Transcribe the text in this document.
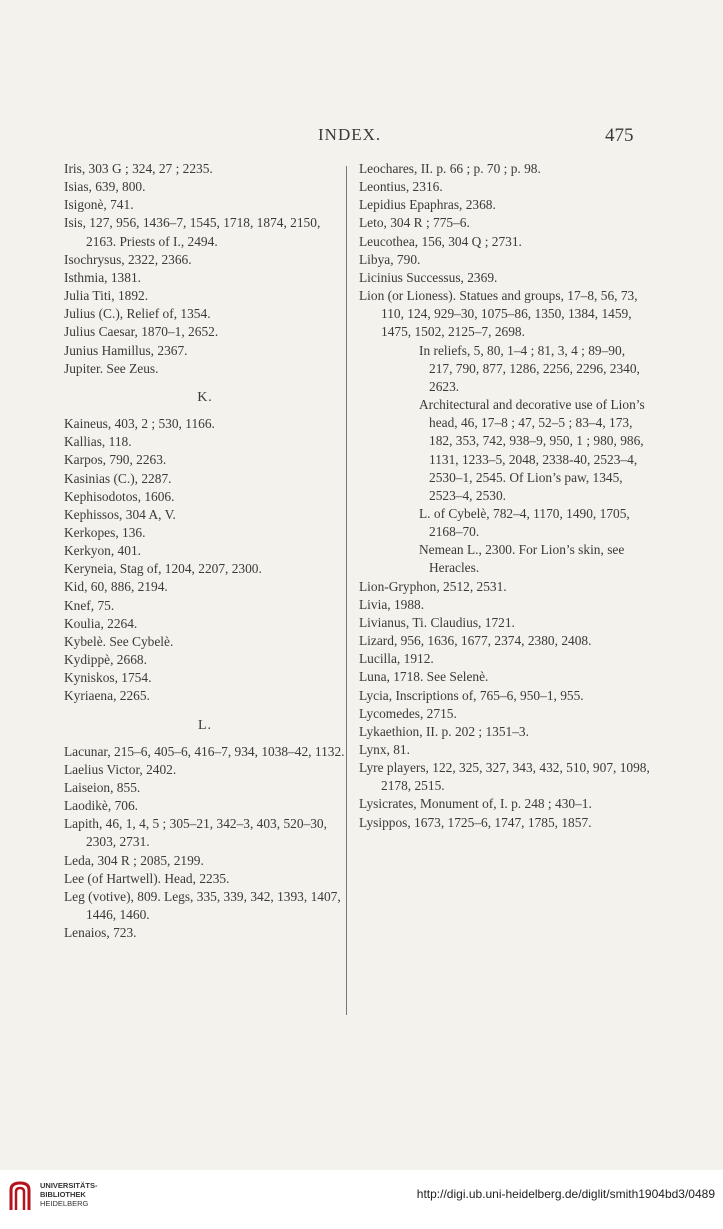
INDEX.	475

Iris, 303 G ; 324, 27 ; 2235.

Isias, 639, 800.

Isigonè, 741.

Isis, 127, 956, 1436–7, 1545, 1718, 1874, 2150, 2163. Priests of I., 2494.

Isochrysus, 2322, 2366.

Isthmia, 1381.

Julia Titi, 1892.

Julius (C.), Relief of, 1354.

Julius Caesar, 1870–1, 2652.

Junius Hamillus, 2367.

Jupiter. See Zeus.

K.

Kaineus, 403, 2 ; 530, 1166.

Kallias, 118.

Karpos, 790, 2263.

Kasinias (C.), 2287.

Kephisodotos, 1606.

Kephissos, 304 A, V.

Kerkopes, 136.

Kerkyon, 401.

Keryneia, Stag of, 1204, 2207, 2300.

Kid, 60, 886, 2194.

Knef, 75.

Koulia, 2264.

Kybelè. See Cybelè.

Kydippè, 2668.

Kyniskos, 1754.

Kyriaena, 2265.

L.

Lacunar, 215–6, 405–6, 416–7, 934, 1038–42, 1132.

Laelius Victor, 2402.

Laiseion, 855.

Laodikè, 706.

Lapith, 46, 1, 4, 5 ; 305–21, 342–3, 403, 520–30, 2303, 2731.

Leda, 304 R ; 2085, 2199.

Lee (of Hartwell). Head, 2235.

Leg (votive), 809. Legs, 335, 339, 342, 1393, 1407, 1446, 1460.

Lenaios, 723.

Leochares, II. p. 66 ; p. 70 ; p. 98.

Leontius, 2316.

Lepidius Epaphras, 2368.

Leto, 304 R ; 775–6.

Leucothea, 156, 304 Q ; 2731.

Libya, 790.

Licinius Successus, 2369.

Lion (or Lioness). Statues and groups, 17–8, 56, 73, 110, 124, 929–30, 1075–86, 1350, 1384, 1459, 1475, 1502, 2125–7, 2698.

In reliefs, 5, 80, 1–4 ; 81, 3, 4 ; 89–90, 217, 790, 877, 1286, 2256, 2296, 2340, 2623.

Architectural and decorative use of Lion’s head, 46, 17–8 ; 47, 52–5 ; 83–4, 173, 182, 353, 742, 938–9, 950, 1 ; 980, 986, 1131, 1233–5, 2048, 2338-40, 2523–4, 2530–1, 2545. Of Lion’s paw, 1345, 2523–4, 2530.

L. of Cybelè, 782–4, 1170, 1490, 1705, 2168–70.

Nemean L., 2300. For Lion’s skin, see Heracles.

Lion-Gryphon, 2512, 2531.

Livia, 1988.

Livianus, Ti. Claudius, 1721.

Lizard, 956, 1636, 1677, 2374, 2380, 2408.

Lucilla, 1912.

Luna, 1718. See Selenè.

Lycia, Inscriptions of, 765–6, 950–1, 955.

Lycomedes, 2715.

Lykaethion, II. p. 202 ; 1351–3.

Lynx, 81.

Lyre players, 122, 325, 327, 343, 432, 510, 907, 1098, 2178, 2515.

Lysicrates, Monument of, I. p. 248 ; 430–1.

Lysippos, 1673, 1725–6, 1747, 1785, 1857.

UNIVERSITÄTS-
BIBLIOTHEK
HEIDELBERG
http://digi.ub.uni-heidelberg.de/diglit/smith1904bd3/0489
